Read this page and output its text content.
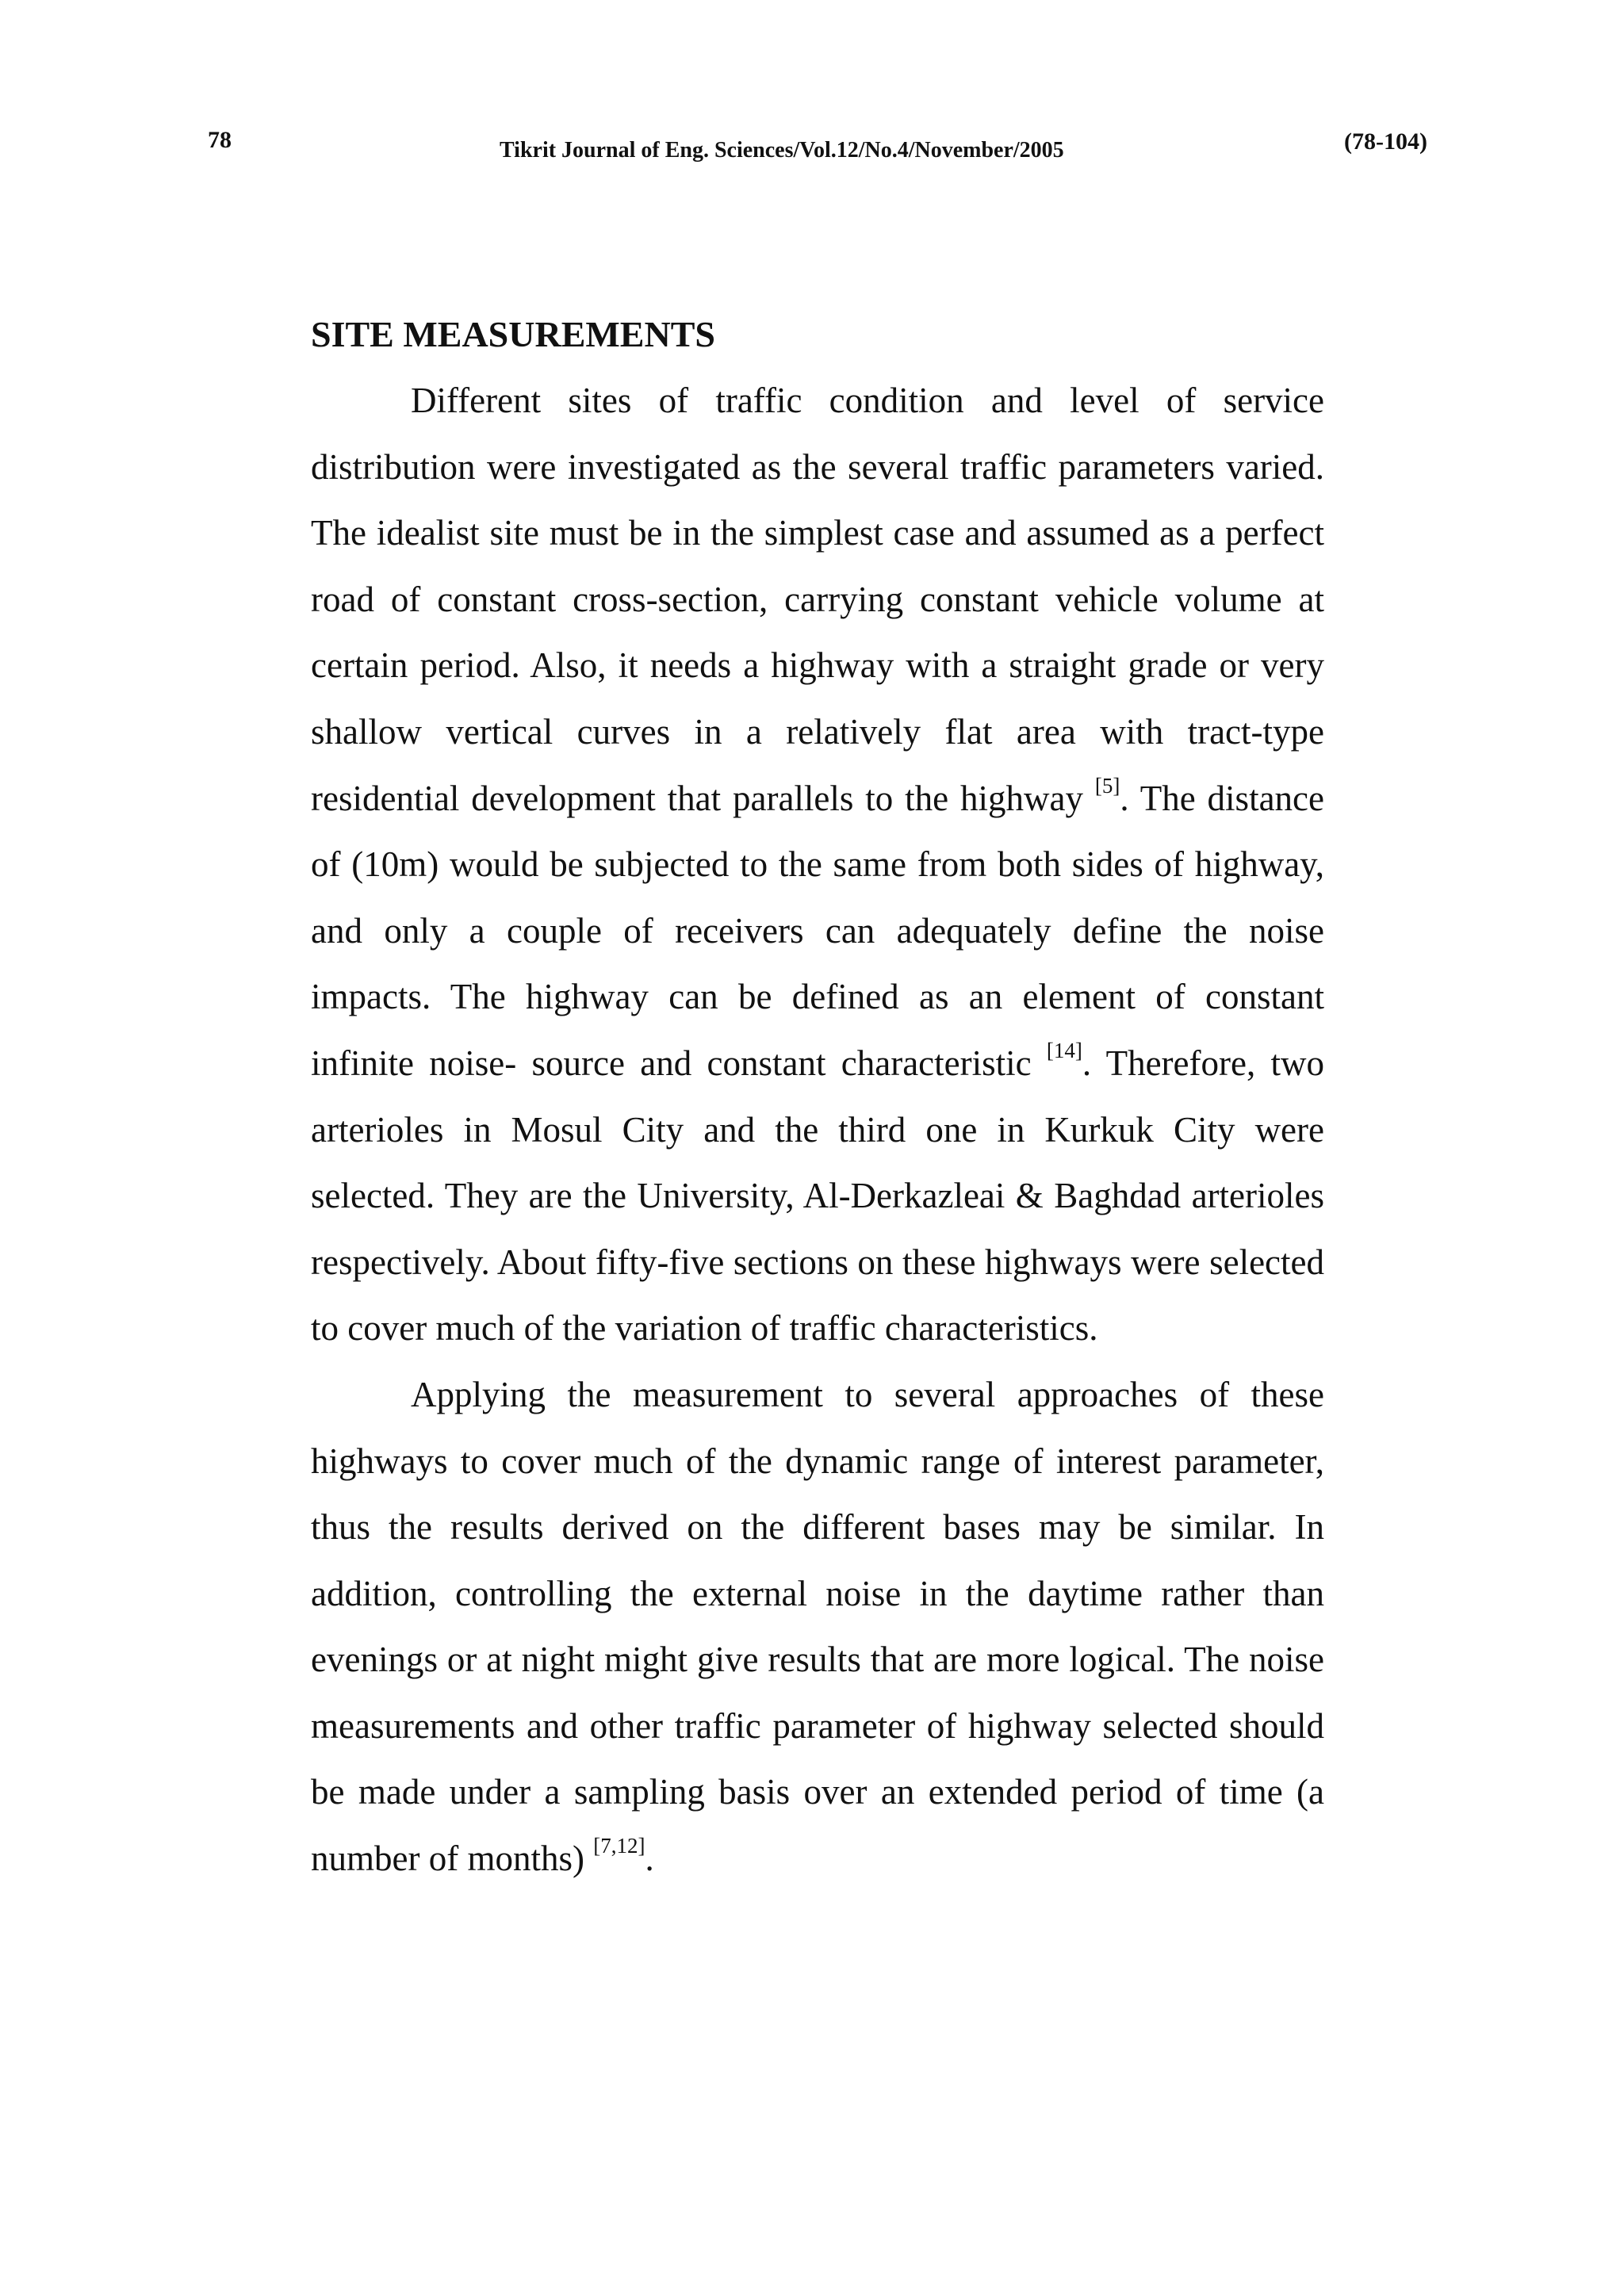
78	Tikrit Journal of Eng. Sciences/Vol.12/No.4/November/2005	(78-104)
SITE MEASUREMENTS

Different sites of traffic condition and level of service distribution were investigated as the several traffic parameters varied. The idealist site must be in the simplest case and assumed as a perfect road of constant cross-section, carrying constant vehicle volume at certain period. Also, it needs a highway with a straight grade or very shallow vertical curves in a relatively flat area with tract-type residential development that parallels to the highway [5]. The distance of (10m) would be subjected to the same from both sides of highway, and only a couple of receivers can adequately define the noise impacts. The highway can be defined as an element of constant infinite noise- source and constant characteristic [14]. Therefore, two arterioles in Mosul City and the third one in Kurkuk City were selected. They are the University, Al-Derkazleai & Baghdad arterioles respectively. About fifty-five sections on these highways were selected to cover much of the variation of traffic characteristics.

Applying the measurement to several approaches of these highways to cover much of the dynamic range of interest parameter, thus the results derived on the different bases may be similar. In addition, controlling the external noise in the daytime rather than evenings or at night might give results that are more logical. The noise measurements and other traffic parameter of highway selected should be made under a sampling basis over an extended period of time (a number of months) [7,12].
